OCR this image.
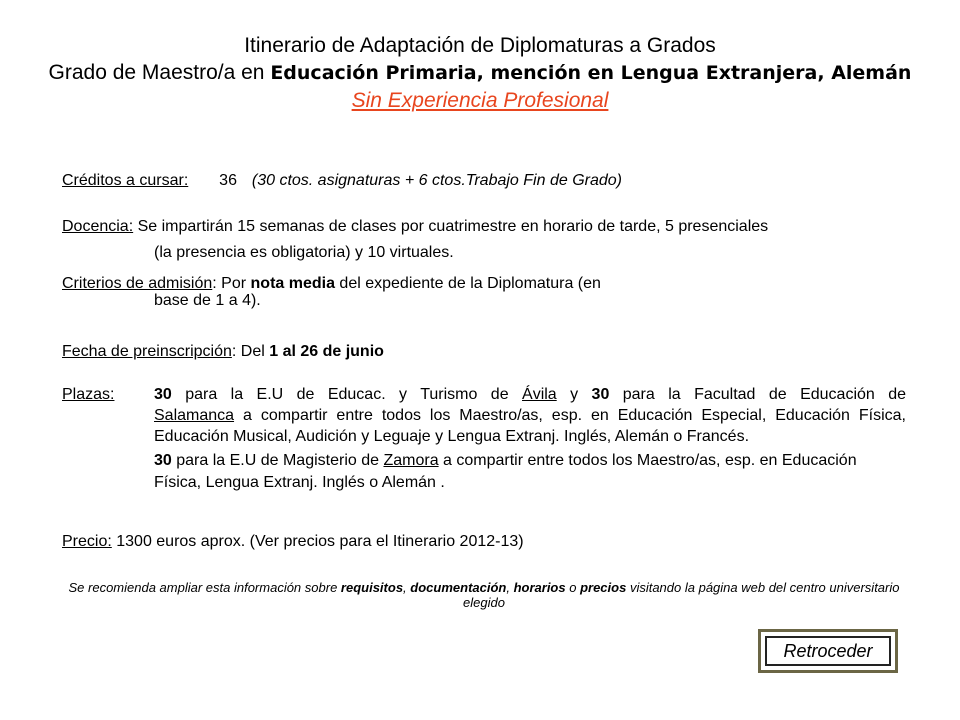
Itinerario de Adaptación de Diplomaturas a Grados
Grado de Maestro/a en Educación Primaria, mención en Lengua Extranjera, Alemán
Sin Experiencia Profesional
Créditos a cursar: 36 (30 ctos. asignaturas + 6 ctos.Trabajo Fin de Grado)
Docencia: Se impartirán 15 semanas de clases por cuatrimestre en horario de tarde, 5 presenciales
(la presencia es obligatoria) y 10 virtuales.
Criterios de admisión: Por nota media del expediente de la Diplomatura (en
base de 1 a 4).
Fecha de preinscripción: Del 1 al 26 de junio
Plazas:	30 para la E.U de Educac. y Turismo de Ávila y 30 para la Facultad de Educación de
Salamanca a compartir entre todos los Maestro/as, esp. en Educación Especial, Educación Física, Educación Musical, Audición y Leguaje y Lengua Extranj. Inglés, Alemán o Francés.
30 para la E.U de Magisterio de Zamora a compartir entre todos los Maestro/as, esp. en Educación Física, Lengua Extranj. Inglés o Alemán .
Precio: 1300 euros aprox. (Ver precios para el Itinerario 2012-13)
Se recomienda ampliar esta información sobre requisitos, documentación, horarios o precios visitando la página web del centro universitario elegido
Retroceder
